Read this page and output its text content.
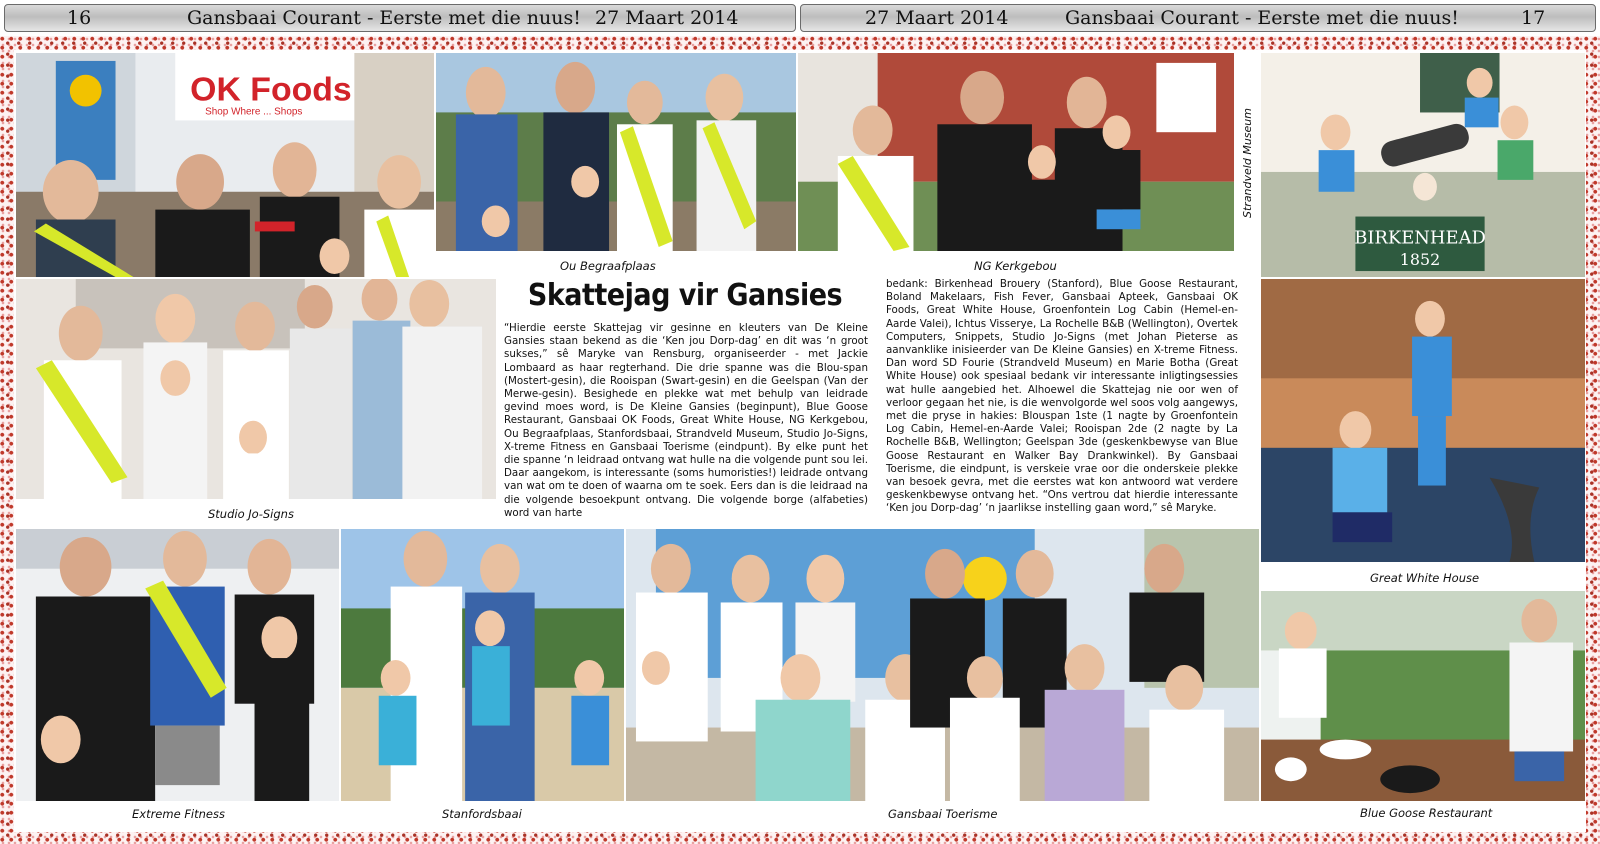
16	Gansbaai Courant - Eerste met die nuus! 27 Maart 2014	27 Maart 2014	Gansbaai Courant - Eerste met die nuus!	17
OK Foods
Shop Where ... Shops
Ou Begraafplaas	NG Kerkgebou
Strandveld Museum
BIRKENHEAD
1852
Studio Jo-Signs
Skattejag vir Gansies
“Hierdie eerste Skattejag vir gesinne en kleuters van De Kleine Gansies staan bekend as die ‘Ken jou Dorp-dag’ en dit was ‘n groot sukses,” sê Maryke van Rensburg, organiseerder - met Jackie Lombaard as haar regterhand. Die drie spanne was die Blou-span (Mostert-gesin), die Rooispan (Swart-gesin) en die Geelspan (Van der Merwe-gesin). Besighede en plekke wat met behulp van leidrade gevind moes word, is De Kleine Gansies (beginpunt), Blue Goose Restaurant, Gansbaai OK Foods, Great White House, NG Kerkgebou, Ou Begraafplaas, Stanfordsbaai, Strandveld Museum, Studio Jo-Signs, X-treme Fitness en Gansbaai Toerisme (eindpunt). By elke punt het die spanne ‘n leidraad ontvang wat hulle na die volgende punt sou lei. Daar aangekom, is interessante (soms humoristies!) leidrade ontvang van wat om te doen of waarna om te soek. Eers dan is die leidraad na die volgende besoekpunt ontvang. Die volgende borge (alfabeties) word van harte
bedank: Birkenhead Brouery (Stanford), Blue Goose Restaurant, Boland Makelaars, Fish Fever, Gansbaai Apteek, Gansbaai OK Foods, Great White House, Groenfontein Log Cabin (Hemel-en-Aarde Valei), Ichtus Visserye, La Rochelle B&B (Wellington), Overtek Computers, Snippets, Studio Jo-Signs (met Johan Pieterse as aanvanklike inisieerder van De Kleine Gansies) en X-treme Fitness. Dan word SD Fourie (Strandveld Museum) en Marie Botha (Great White House) ook spesiaal bedank vir interessante inligtingsessies wat hulle aangebied het. Alhoewel die Skattejag nie oor wen of verloor gegaan het nie, is die wenvolgorde wel soos volg aangewys, met die pryse in hakies: Blouspan 1ste (1 nagte by Groenfontein Log Cabin, Hemel-en-Aarde Valei; Rooispan 2de (2 nagte by La Rochelle B&B, Wellington; Geelspan 3de (geskenkbewyse van Blue Goose Restaurant en Walker Bay Drankwinkel). By Gansbaai Toerisme, die eindpunt, is verskeie vrae oor die onderskeie plekke van besoek gevra, met die eerstes wat kon antwoord wat verdere geskenkbewyse ontvang het. “Ons vertrou dat hierdie interessante ‘Ken jou Dorp-dag’ ‘n jaarlikse instelling gaan word,” sê Maryke.
Great White House
Extreme Fitness	Stanfordsbaai	Gansbaai Toerisme	Blue Goose Restaurant
